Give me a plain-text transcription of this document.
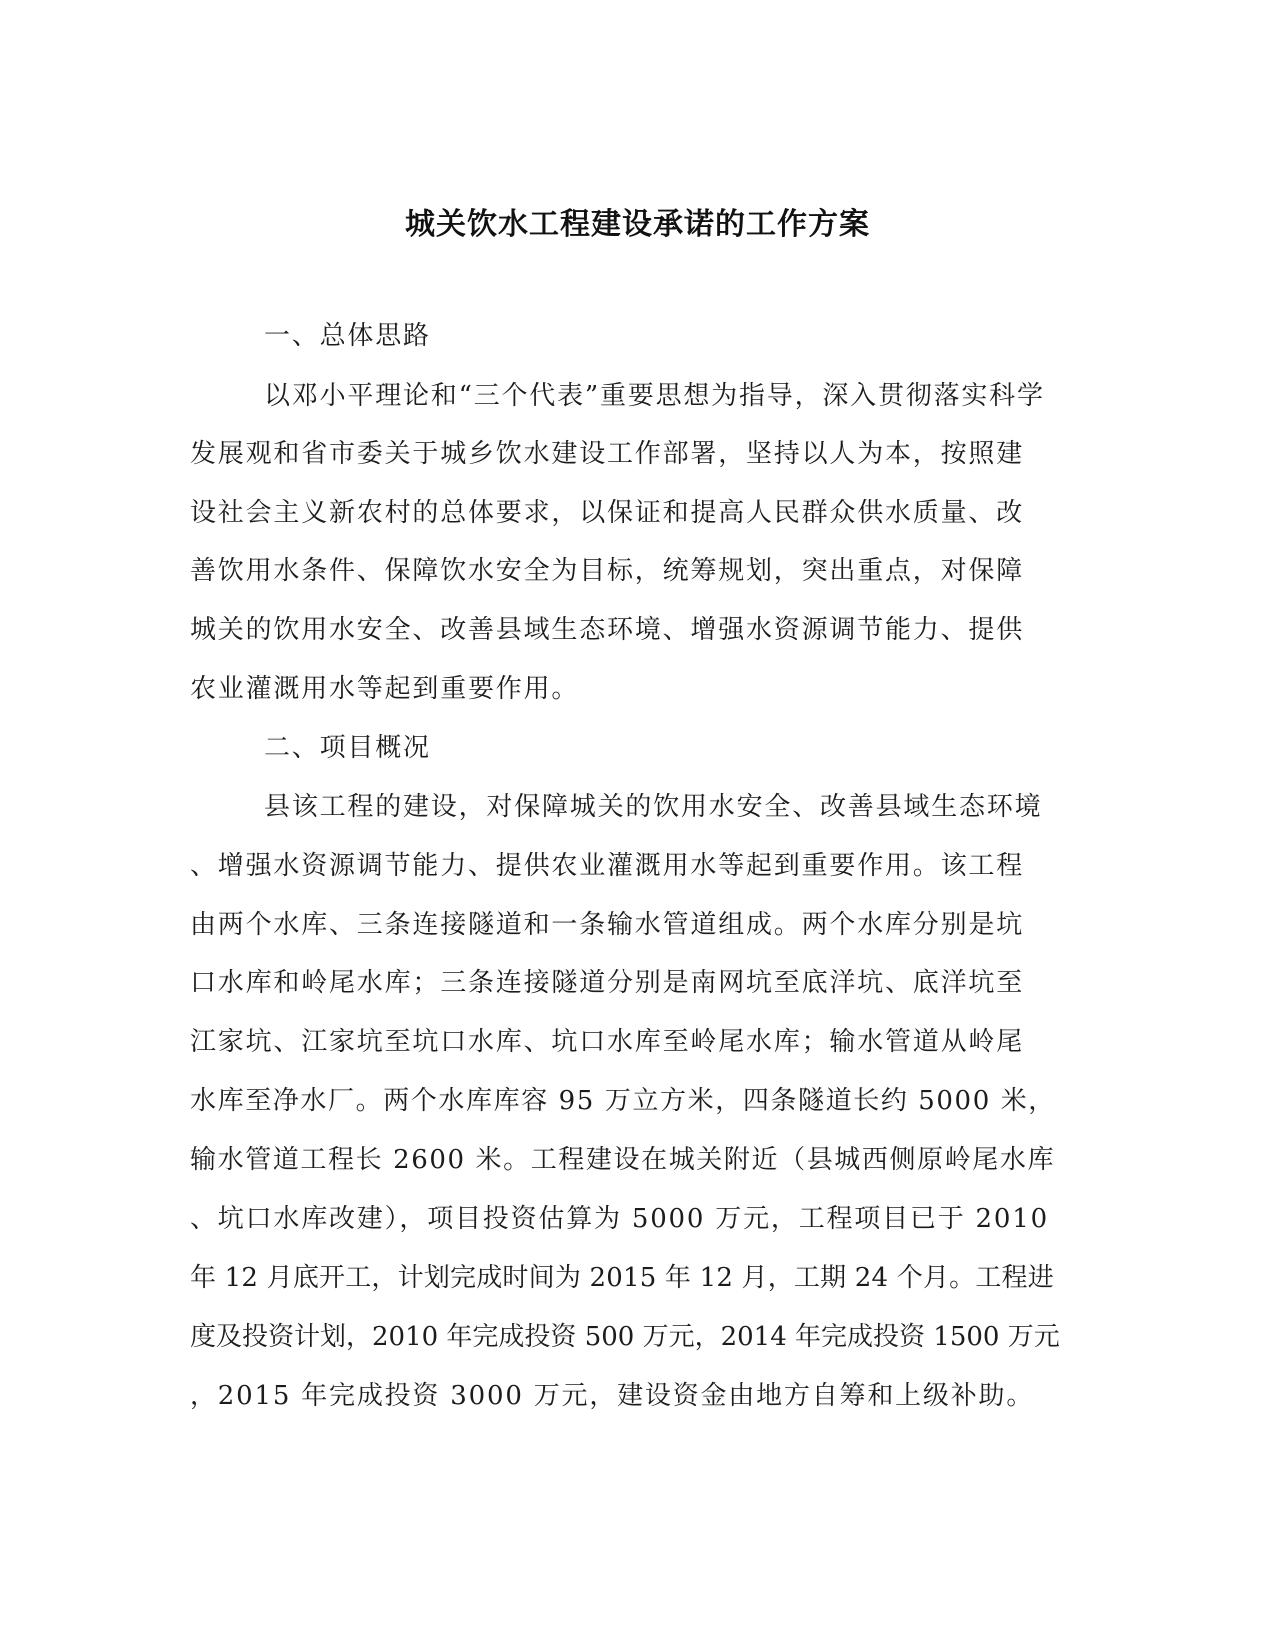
城关饮水工程建设承诺的工作方案
一、总体思路
以邓小平理论和“三个代表”重要思想为指导，深入贯彻落实科学
发展观和省市委关于城乡饮水建设工作部署，坚持以人为本，按照建
设社会主义新农村的总体要求，以保证和提高人民群众供水质量、改
善饮用水条件、保障饮水安全为目标，统筹规划，突出重点，对保障
城关的饮用水安全、改善县域生态环境、增强水资源调节能力、提供
农业灌溉用水等起到重要作用。
二、项目概况
县该工程的建设，对保障城关的饮用水安全、改善县域生态环境
、增强水资源调节能力、提供农业灌溉用水等起到重要作用。该工程
由两个水库、三条连接隧道和一条输水管道组成。两个水库分别是坑
口水库和岭尾水库；三条连接隧道分别是南网坑至底洋坑、底洋坑至
江家坑、江家坑至坑口水库、坑口水库至岭尾水库；输水管道从岭尾
水库至净水厂。两个水库库容 95 万立方米，四条隧道长约 5000 米，
输水管道工程长 2600 米。工程建设在城关附近（县城西侧原岭尾水库
、坑口水库改建），项目投资估算为 5000 万元，工程项目已于 2010
年 12 月底开工，计划完成时间为 2015 年 12 月，工期 24 个月。工程进
度及投资计划，2010 年完成投资 500 万元，2014 年完成投资 1500 万元
，2015 年完成投资 3000 万元，建设资金由地方自筹和上级补助。
